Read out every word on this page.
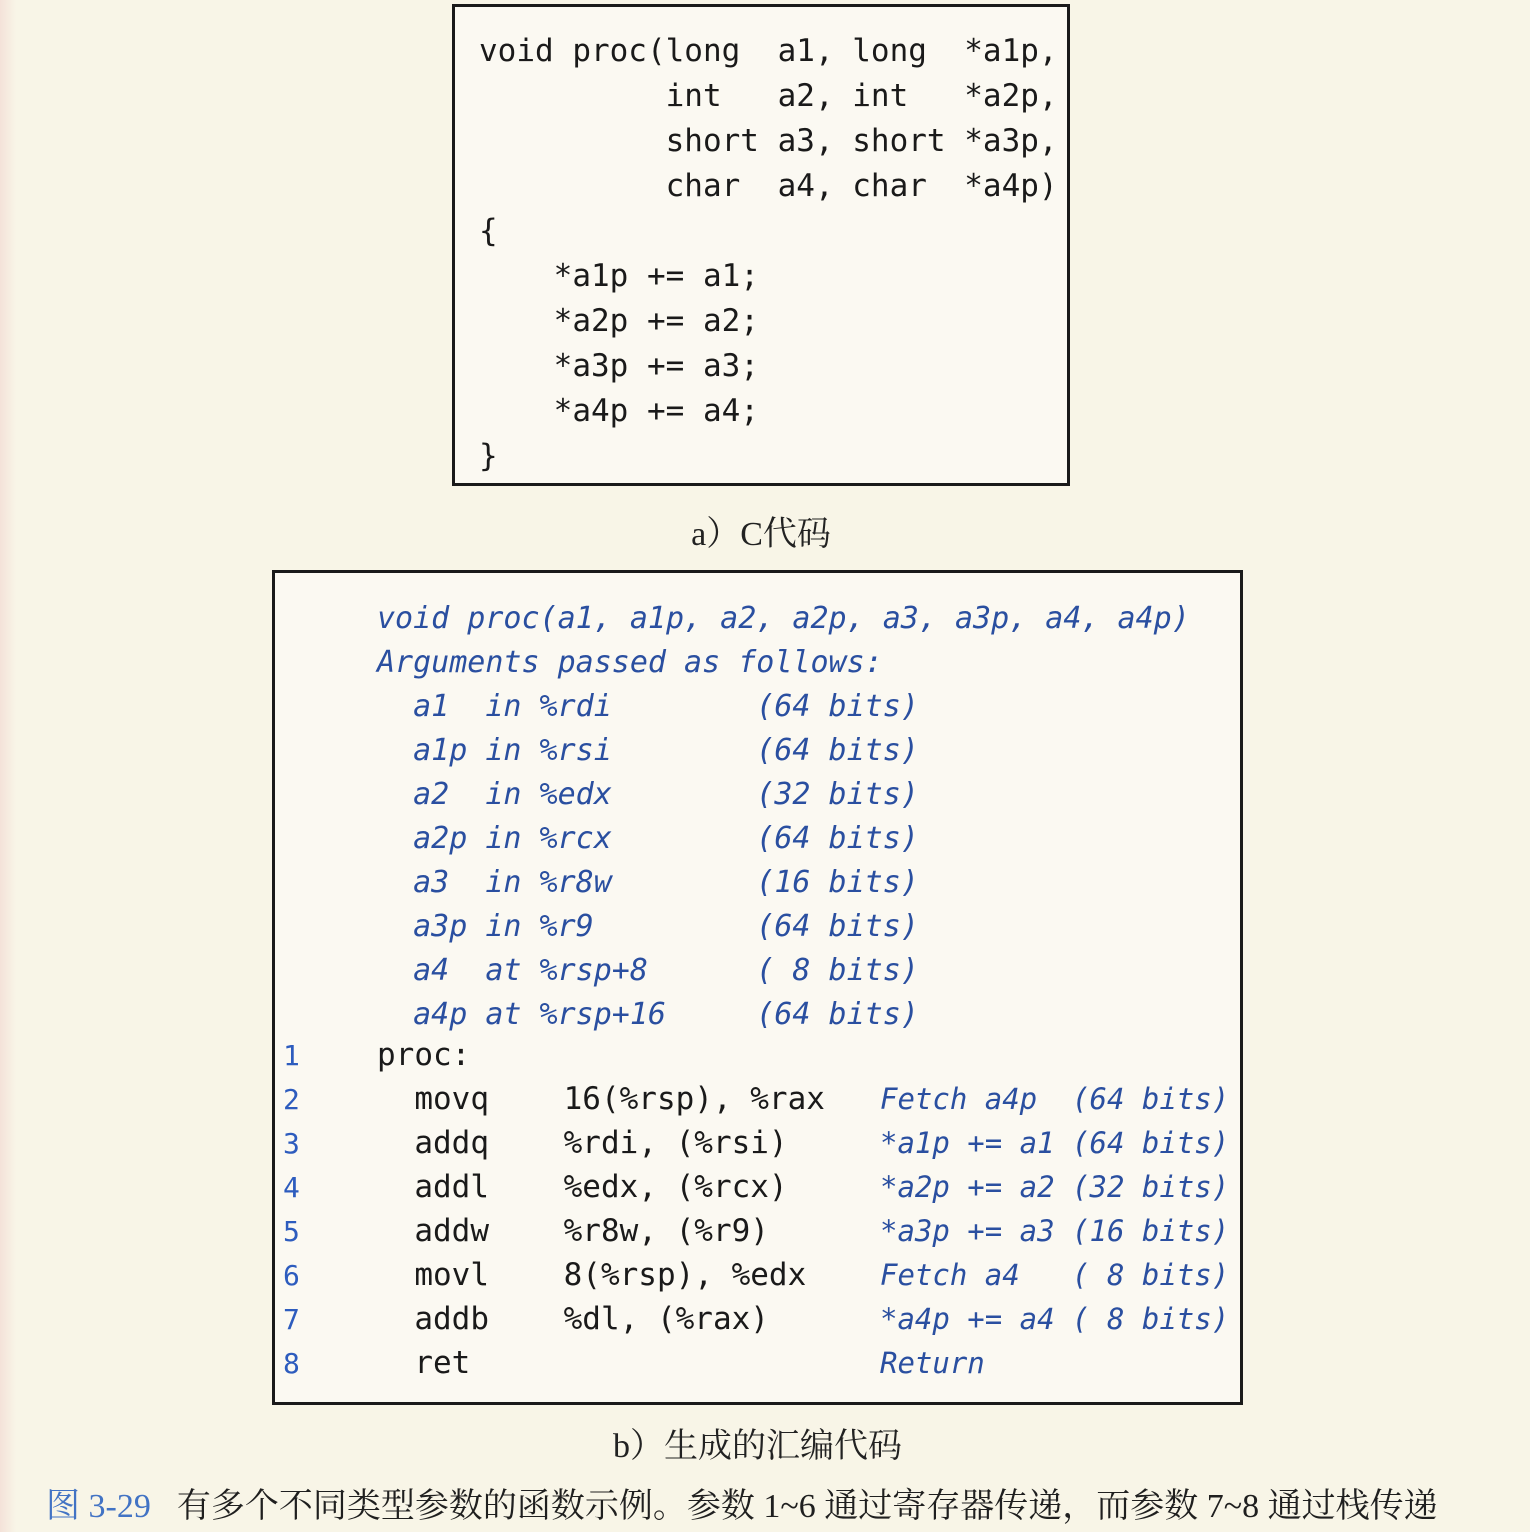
void proc(long  a1, long  *a1p,
int   a2, int   *a2p,
short a3, short *a3p,
char  a4, char  *a4p)
{
*a1p += a1;
*a2p += a2;
*a3p += a3;
*a4p += a4;
}
a）C代码
void proc(a1, a1p, a2, a2p, a3, a3p, a4, a4p)
Arguments passed as follows:
a1  in %rdi        (64 bits)
a1p in %rsi        (64 bits)
a2  in %edx        (32 bits)
a2p in %rcx        (64 bits)
a3  in %r8w        (16 bits)
a3p in %r9         (64 bits)
a4  at %rsp+8      ( 8 bits)
a4p at %rsp+16     (64 bits)
1	proc:
2	movq    16(%rsp), %rax	Fetch a4p  (64 bits)
3	addq    %rdi, (%rsi)	*a1p += a1 (64 bits)
4	addl    %edx, (%rcx)	*a2p += a2 (32 bits)
5	addw    %r8w, (%r9)	*a3p += a3 (16 bits)
6	movl    8(%rsp), %edx	Fetch a4   ( 8 bits)
7	addb    %dl, (%rax)	*a4p += a4 ( 8 bits)
8	ret	Return
b）生成的汇编代码
图 3-29 有多个不同类型参数的函数示例。参数 1~6 通过寄存器传递，而参数 7~8 通过栈传递
